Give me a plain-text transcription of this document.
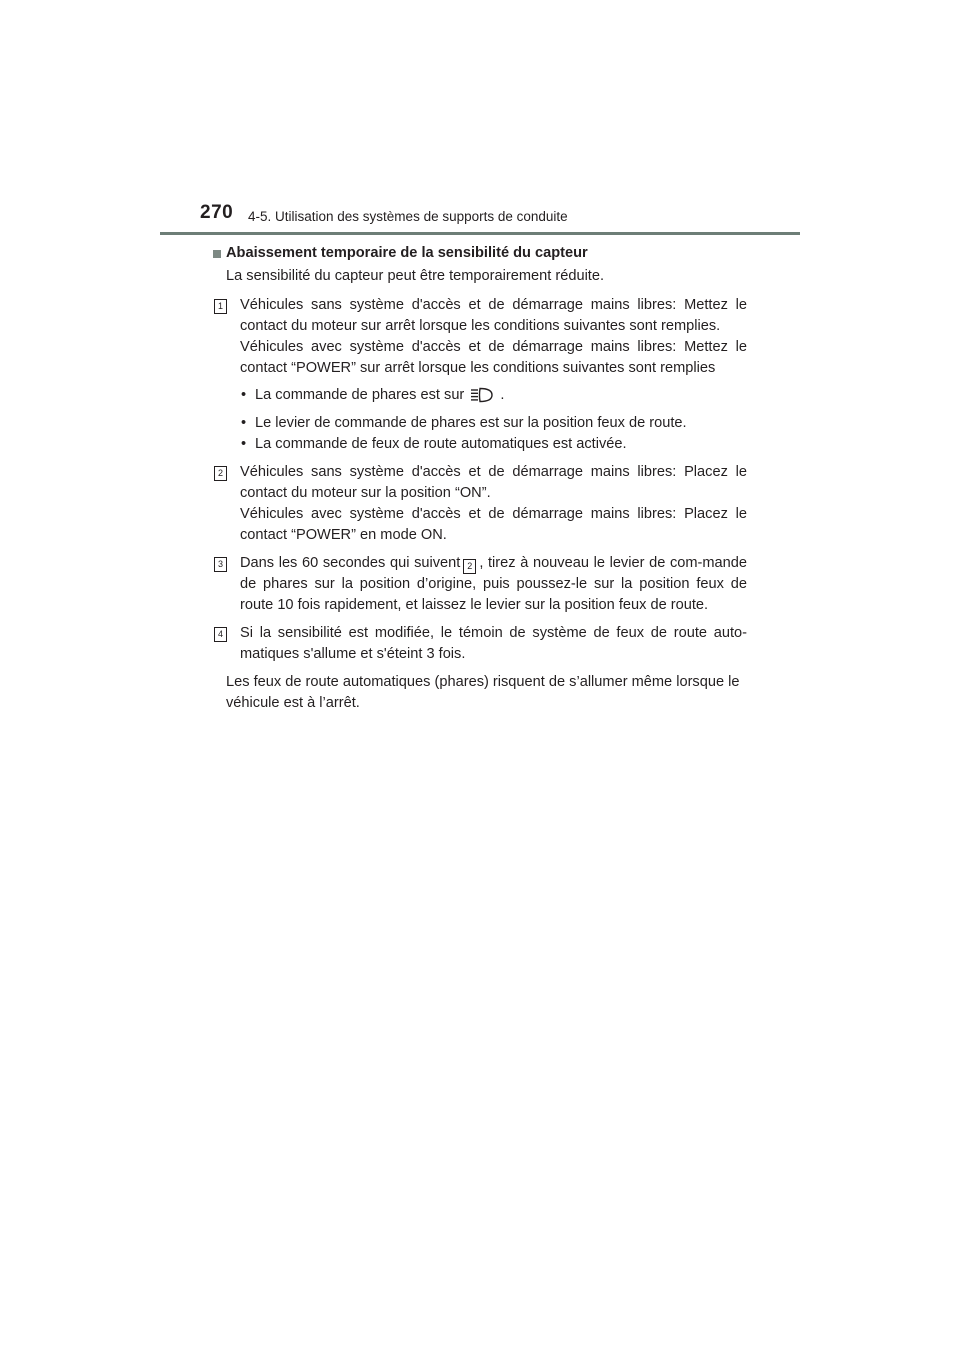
270 4-5. Utilisation des systèmes de supports de conduite
Abaissement temporaire de la sensibilité du capteur
La sensibilité du capteur peut être temporairement réduite.
1 Véhicules sans système d'accès et de démarrage mains libres: Mettez le contact du moteur sur arrêt lorsque les conditions suivantes sont remplies.

Véhicules avec système d'accès et de démarrage mains libres: Mettez le contact “POWER” sur arrêt lorsque les conditions suivantes sont remplies

• La commande de phares est sur .
• Le levier de commande de phares est sur la position feux de route.
• La commande de feux de route automatiques est activée.
2 Véhicules sans système d'accès et de démarrage mains libres: Placez le contact du moteur sur la position “ON”.

Véhicules avec système d'accès et de démarrage mains libres: Placez le contact “POWER” en mode ON.

3 Dans les 60 secondes qui suivent 2 , tirez à nouveau le levier de com-mande de phares sur la position d’origine, puis poussez-le sur la position feux de route 10 fois rapidement, et laissez le levier sur la position feux de route.

4 Si la sensibilité est modifiée, le témoin de système de feux de route auto-matiques s'allume et s'éteint 3 fois.

Les feux de route automatiques (phares) risquent de s’allumer même lorsque le véhicule est à l’arrêt.
